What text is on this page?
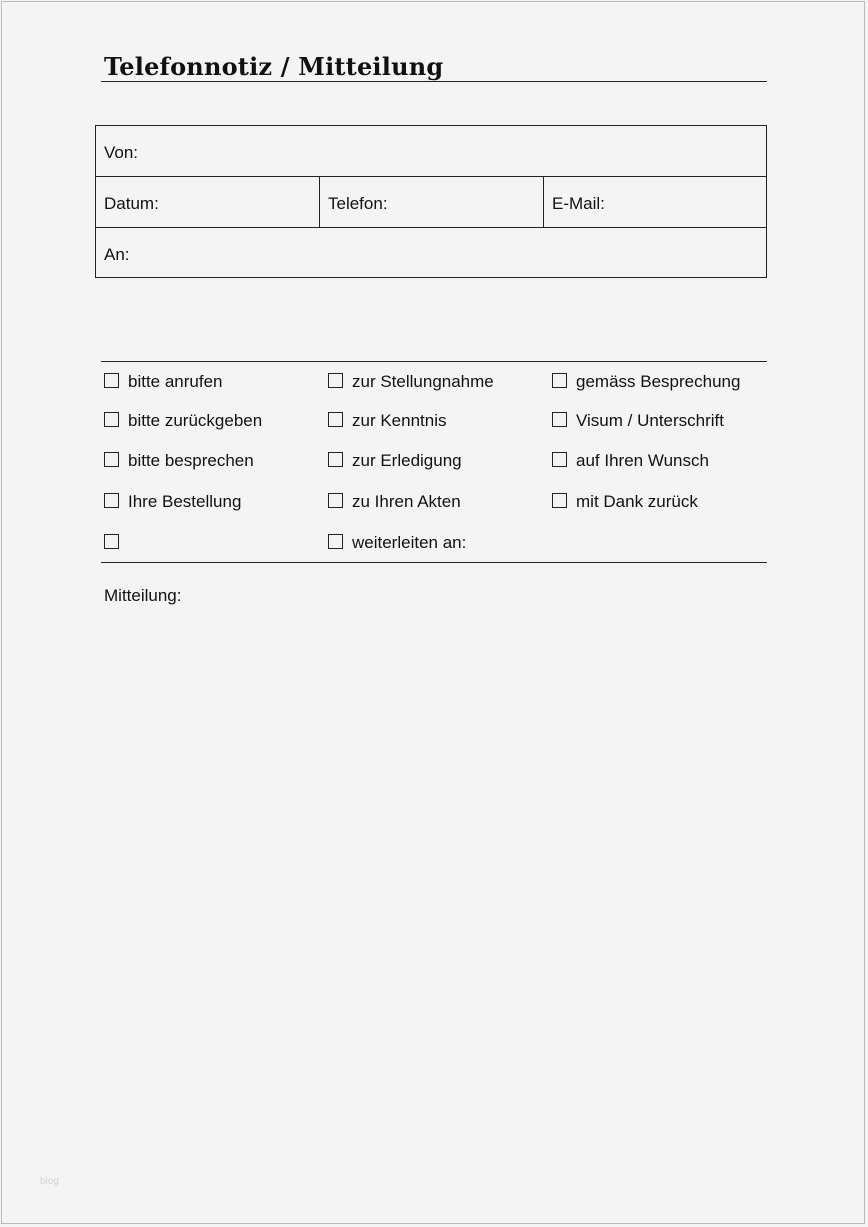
Telefonnotiz / Mitteilung
Von:
Datum:	Telefon:	E-Mail:
An:
bitte anrufen
bitte zurückgeben
bitte besprechen
Ihre Bestellung
zur Stellungnahme
zur Kenntnis
zur Erledigung
zu Ihren Akten
weiterleiten an:
gemäss Besprechung
Visum / Unterschrift
auf Ihren Wunsch
mit Dank zurück
Mitteilung:
blog
